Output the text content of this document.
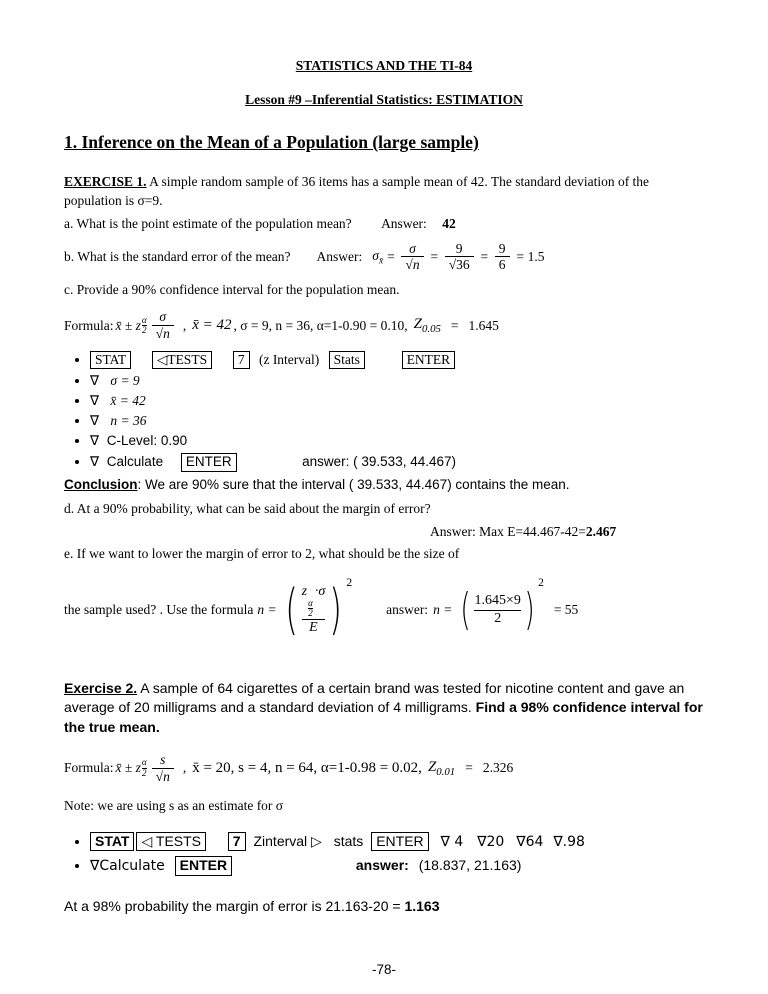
STATISTICS AND THE TI-84
Lesson #9 –Inferential Statistics: ESTIMATION
1. Inference on the Mean of a Population (large sample)

EXERCISE 1. A simple random sample of 36 items has a sample mean of 42. The standard deviation of the population is σ=9.

a. What is the point estimate of the population mean? Answer: 42

b. What is the standard error of the mean? Answer: $\sigma_{x̄} = \frac{\sigma}{√n} = \frac{9}{√36} = \frac{9}{6} = 1.5$

c. Provide a 90% confidence interval for the population mean.

Formula: x̄ ± z α
$2 \frac{\sigma}{√n}$ , x̄ = 42 , σ = 9, n = 36, α=1-0.90 = 0.10, $Z_{0.05} = 1.645$
• STAT ◁TESTS 7 (z Interval) Stats	ENTER
• ∇ σ = 9
• ∇ x̄ = 42
• ∇ n = 36
• ∇ C-Level: 0.90
• ∇ Calculate ENTER	answer: ( 39.533, 44.467)

Conclusion: We are 90% sure that the interval ( 39.533, 44.467) contains the mean.

d. At a 90% probability, what can be said about the margin of error?

Answer: Max E=44.467-42=2.467

e. If we want to lower the margin of error to 2, what should be the size of

the sample used? . Use the formula n = ( z
$\frac{\alpha}{2}$
·σ
E ) 2
answer: n = ( $\frac{1.645\times 9}{2}$ )
2
= 55

Exercise 2. A sample of 64 cigarettes of a certain brand was tested for nicotine content and gave an average of 20 milligrams and a standard deviation of 4 milligrams. Find a 98% confidence interval for the true mean.

Formula: x̄ ± z α
$2 \frac{s}{√n}$ , x̄ = 20, s = 4, n = 64, α=1-0.98 = 0.02, $Z_{0.01} = 2.326$

Note: we are using s as an estimate for σ

• STAT ◁ TESTS 7 Zinterval ▷ stats ENTER ∇ 4 ∇20 ∇64 ∇.98
• ∇Calculate ENTER	answer: (18.837, 21.163)

At a 98% probability the margin of error is 21.163-20 = 1.163

-78-
